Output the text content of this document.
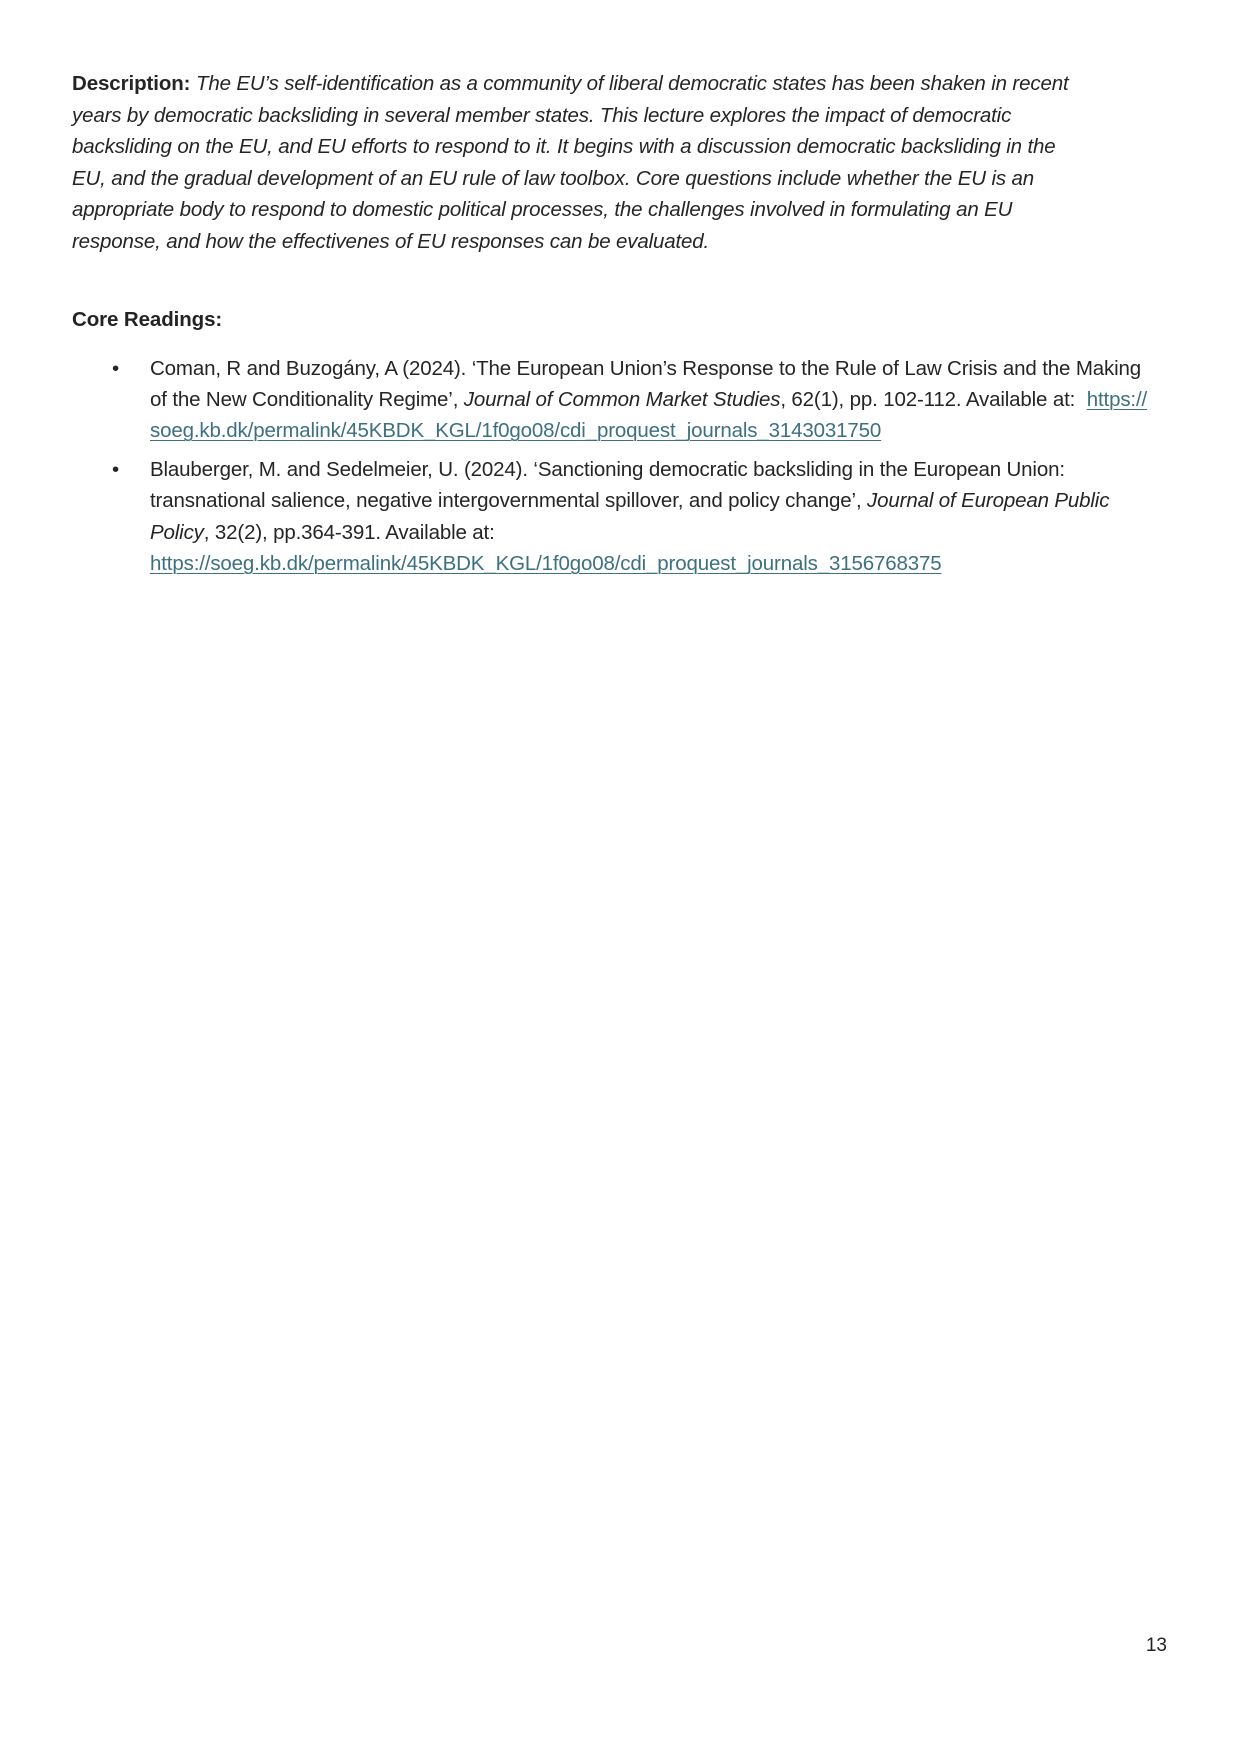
Description: The EU’s self-identification as a community of liberal democratic states has been shaken in recent years by democratic backsliding in several member states. This lecture explores the impact of democratic backsliding on the EU, and EU efforts to respond to it. It begins with a discussion democratic backsliding in the EU, and the gradual development of an EU rule of law toolbox. Core questions include whether the EU is an appropriate body to respond to domestic political processes, the challenges involved in formulating an EU response, and how the effectivenes of EU responses can be evaluated.

Core Readings:

• Coman, R and Buzogány, A (2024). ‘The European Union’s Response to the Rule of Law Crisis and the Making of the New Conditionality Regime’, Journal of Common Market Studies, 62(1), pp. 102-112. Available at: https://soeg.kb.dk/permalink/45KBDK_KGL/1f0go08/cdi_proquest_journals_3143031750
• Blauberger, M. and Sedelmeier, U. (2024). ‘Sanctioning democratic backsliding in the European Union: transnational salience, negative intergovernmental spillover, and policy change’, Journal of European Public Policy, 32(2), pp.364-391. Available at: https://soeg.kb.dk/permalink/45KBDK_KGL/1f0go08/cdi_proquest_journals_3156768375
13
